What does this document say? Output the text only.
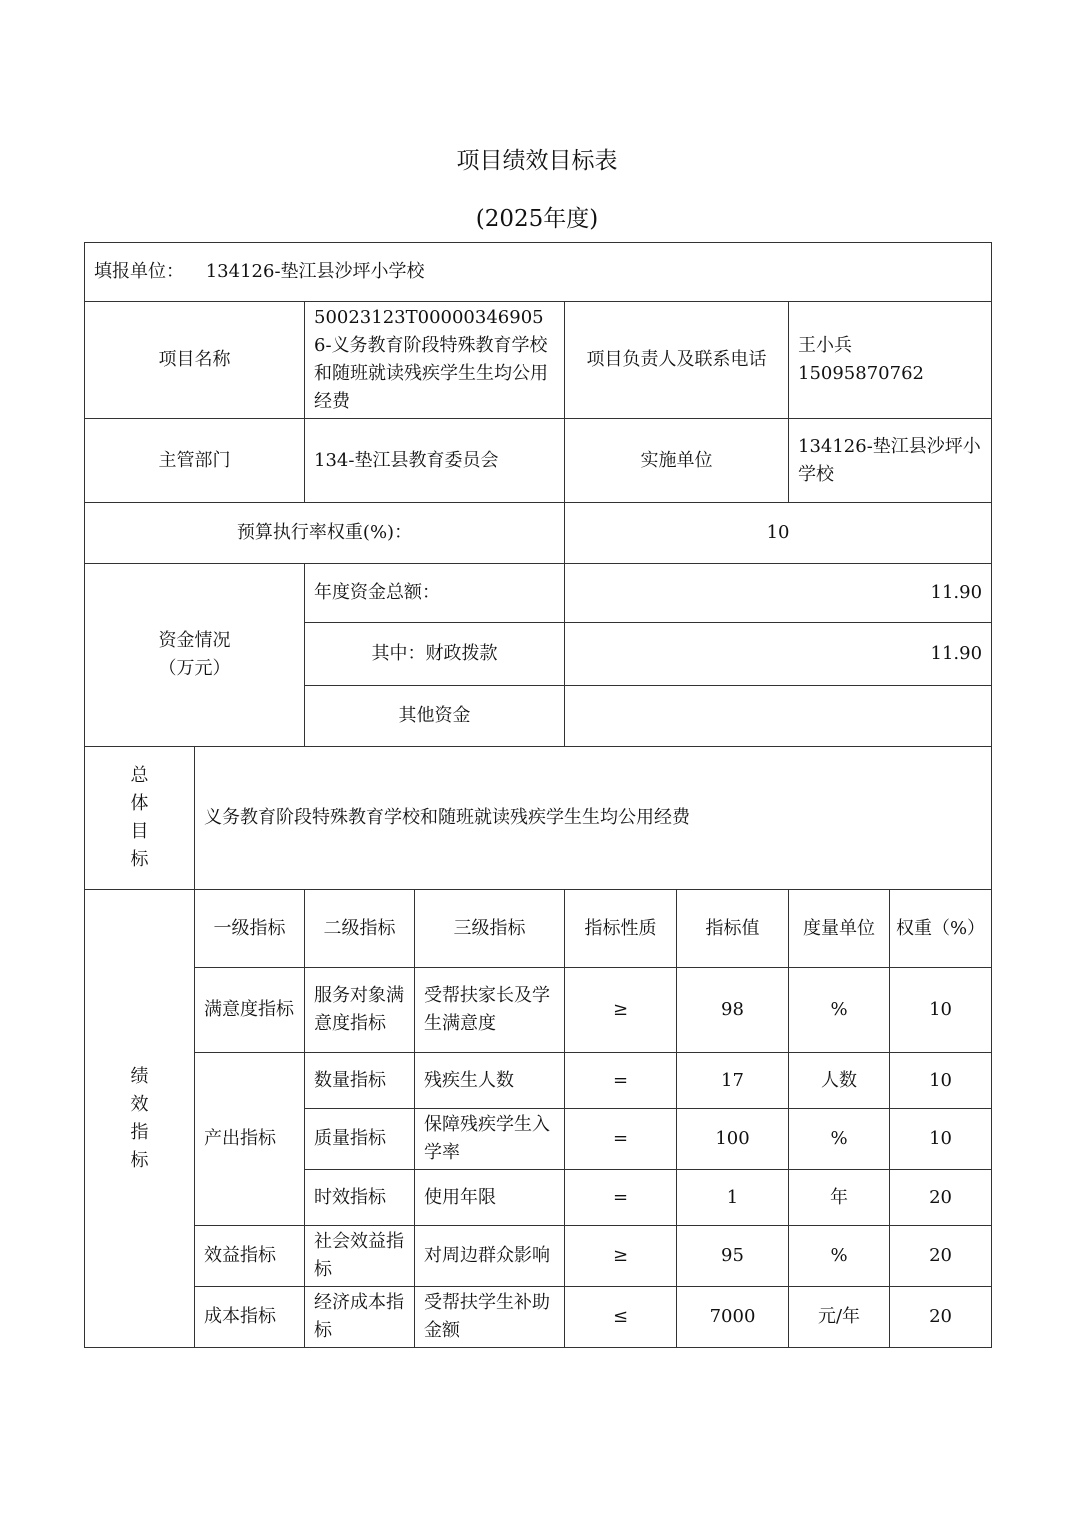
项目绩效目标表
(2025年度)
填报单位： 134126-垫江县沙坪小学校							
项目名称		50023123T000003469056-义务教育阶段特殊教育学校和随班就读残疾学生生均公用经费		项目负责人及联系电话		王小兵 15095870762	
主管部门		134-垫江县教育委员会		实施单位		134126-垫江县沙坪小学校	
预算执行率权重(%)：				10			

资金情况
（万元）		年度资金总额：		11.90			
		其中：财政拨款		11.90			
		其他资金					

总
体
目
标	义务教育阶段特殊教育学校和随班就读残疾学生生均公用经费						

绩
效
指
标	一级指标	二级指标	三级指标	指标性质	指标值	度量单位	权重（%）
	满意度指标	服务对象满意度指标	受帮扶家长及学生满意度	≥	98	%	10
	产出指标	数量指标	残疾生人数	=	17	人数	10
		质量指标	保障残疾学生入学率	=	100	%	10
		时效指标	使用年限	=	1	年	20
	效益指标	社会效益指标	对周边群众影响	≥	95	%	20
	成本指标	经济成本指标	受帮扶学生补助金额	≤	7000	元/年	20
